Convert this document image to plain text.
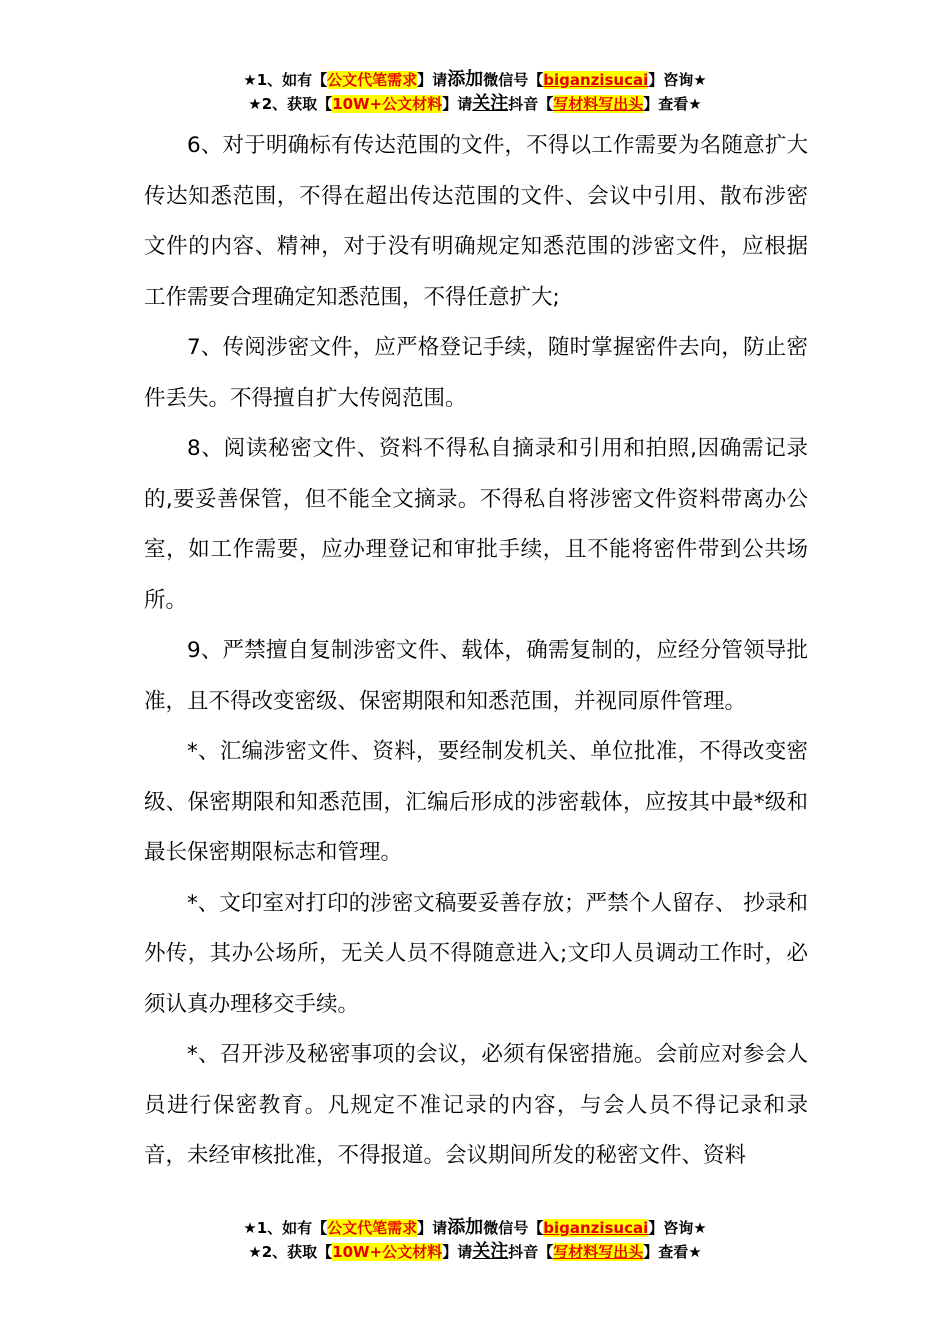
★1、如有【公文代笔需求】请添加微信号【biganzisucai】咨询★
★2、获取【10W+公文材料】请关注抖音【写材料写出头】查看★

6、对于明确标有传达范围的文件，不得以工作需要为名随意扩大传达知悉范围，不得在超出传达范围的文件、会议中引用、散布涉密文件的内容、精神，对于没有明确规定知悉范围的涉密文件，应根据工作需要合理确定知悉范围，不得任意扩大;

7、传阅涉密文件，应严格登记手续，随时掌握密件去向，防止密件丢失。不得擅自扩大传阅范围。

8、阅读秘密文件、资料不得私自摘录和引用和拍照,因确需记录的,要妥善保管，但不能全文摘录。不得私自将涉密文件资料带离办公室，如工作需要，应办理登记和审批手续，且不能将密件带到公共场所。

9、严禁擅自复制涉密文件、载体，确需复制的，应经分管领导批准，且不得改变密级、保密期限和知悉范围，并视同原件管理。

*、汇编涉密文件、资料，要经制发机关、单位批准，不得改变密级、保密期限和知悉范围，汇编后形成的涉密载体，应按其中最*级和最长保密期限标志和管理。

*、文印室对打印的涉密文稿要妥善存放；严禁个人留存、 抄录和外传，其办公场所，无关人员不得随意进入;文印人员调动工作时，必须认真办理移交手续。

*、召开涉及秘密事项的会议，必须有保密措施。会前应对参会人员进行保密教育。凡规定不准记录的内容，与会人员不得记录和录音，未经审核批准，不得报道。会议期间所发的秘密文件、资料

★1、如有【公文代笔需求】请添加微信号【biganzisucai】咨询★
★2、获取【10W+公文材料】请关注抖音【写材料写出头】查看★
